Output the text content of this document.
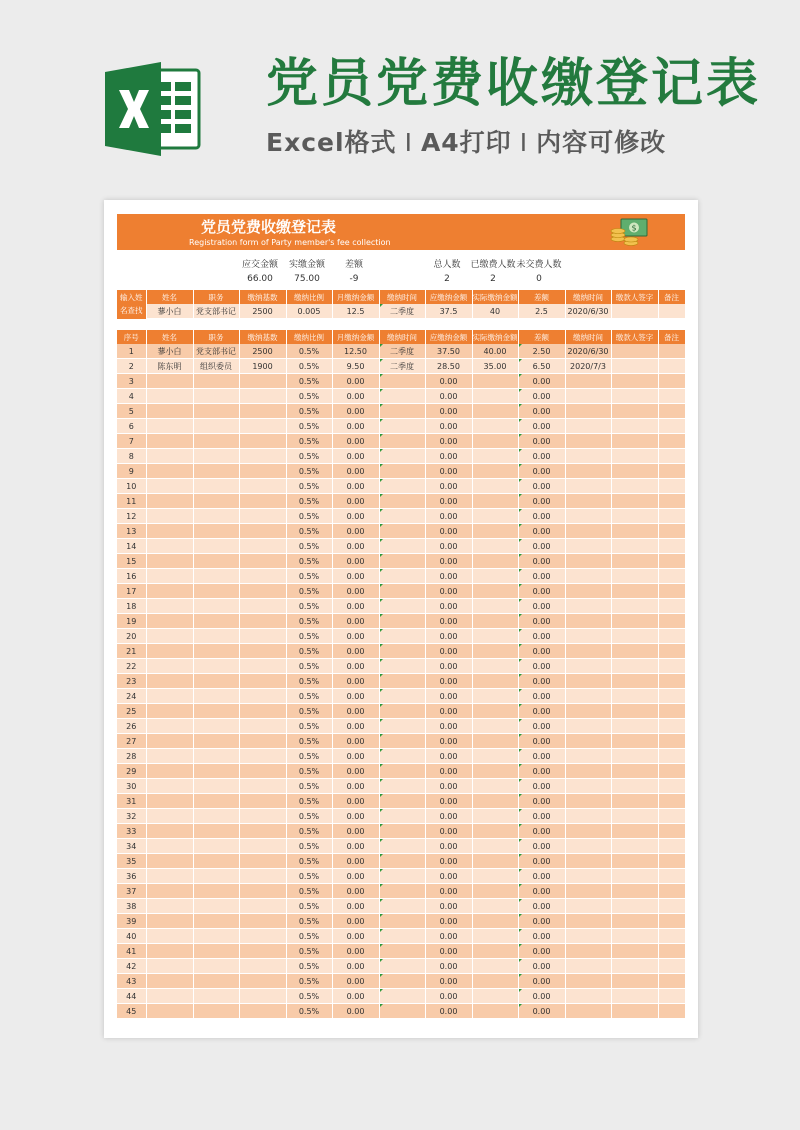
党员党费收缴登记表
Excel格式 I A4打印 I 内容可修改
党员党费收缴登记表
Registration form of Party member's fee collection
$
应交金额 实缴金额 差额	总人数 已缴费人数 未交费人数
66.00 75.00	-9	2	2	0
输入姓名查找	姓名	职务	缴纳基数	缴纳比例	月缴纳金额	缴纳时间	应缴纳金额	实际缴纳金额	差额	缴纳时间	缴款人签字	备注
	蓼小白	党支部书记	2500	0.005	12.5	二季度	37.5	40	2.5	2020/6/30		
序号	姓名	职务	缴纳基数	缴纳比例	月缴纳金额	缴纳时间	应缴纳金额	实际缴纳金额	差额	缴纳时间	缴款人签字	备注
1	蓼小白	党支部书记	2500	0.5%	12.50	二季度	37.50	40.00	2.50	2020/6/30		
2	陈东明	组织委员	1900	0.5%	9.50	二季度	28.50	35.00	6.50	2020/7/3		
3				0.5%	0.00		0.00		0.00			
4				0.5%	0.00		0.00		0.00			
5				0.5%	0.00		0.00		0.00			
6				0.5%	0.00		0.00		0.00			
7				0.5%	0.00		0.00		0.00			
8				0.5%	0.00		0.00		0.00			
9				0.5%	0.00		0.00		0.00			
10				0.5%	0.00		0.00		0.00			
11				0.5%	0.00		0.00		0.00			
12				0.5%	0.00		0.00		0.00			
13				0.5%	0.00		0.00		0.00			
14				0.5%	0.00		0.00		0.00			
15				0.5%	0.00		0.00		0.00			
16				0.5%	0.00		0.00		0.00			
17				0.5%	0.00		0.00		0.00			
18				0.5%	0.00		0.00		0.00			
19				0.5%	0.00		0.00		0.00			
20				0.5%	0.00		0.00		0.00			
21				0.5%	0.00		0.00		0.00			
22				0.5%	0.00		0.00		0.00			
23				0.5%	0.00		0.00		0.00			
24				0.5%	0.00		0.00		0.00			
25				0.5%	0.00		0.00		0.00			
26				0.5%	0.00		0.00		0.00			
27				0.5%	0.00		0.00		0.00			
28				0.5%	0.00		0.00		0.00			
29				0.5%	0.00		0.00		0.00			
30				0.5%	0.00		0.00		0.00			
31				0.5%	0.00		0.00		0.00			
32				0.5%	0.00		0.00		0.00			
33				0.5%	0.00		0.00		0.00			
34				0.5%	0.00		0.00		0.00			
35				0.5%	0.00		0.00		0.00			
36				0.5%	0.00		0.00		0.00			
37				0.5%	0.00		0.00		0.00			
38				0.5%	0.00		0.00		0.00			
39				0.5%	0.00		0.00		0.00			
40				0.5%	0.00		0.00		0.00			
41				0.5%	0.00		0.00		0.00			
42				0.5%	0.00		0.00		0.00			
43				0.5%	0.00		0.00		0.00			
44				0.5%	0.00		0.00		0.00			
45				0.5%	0.00		0.00		0.00			
